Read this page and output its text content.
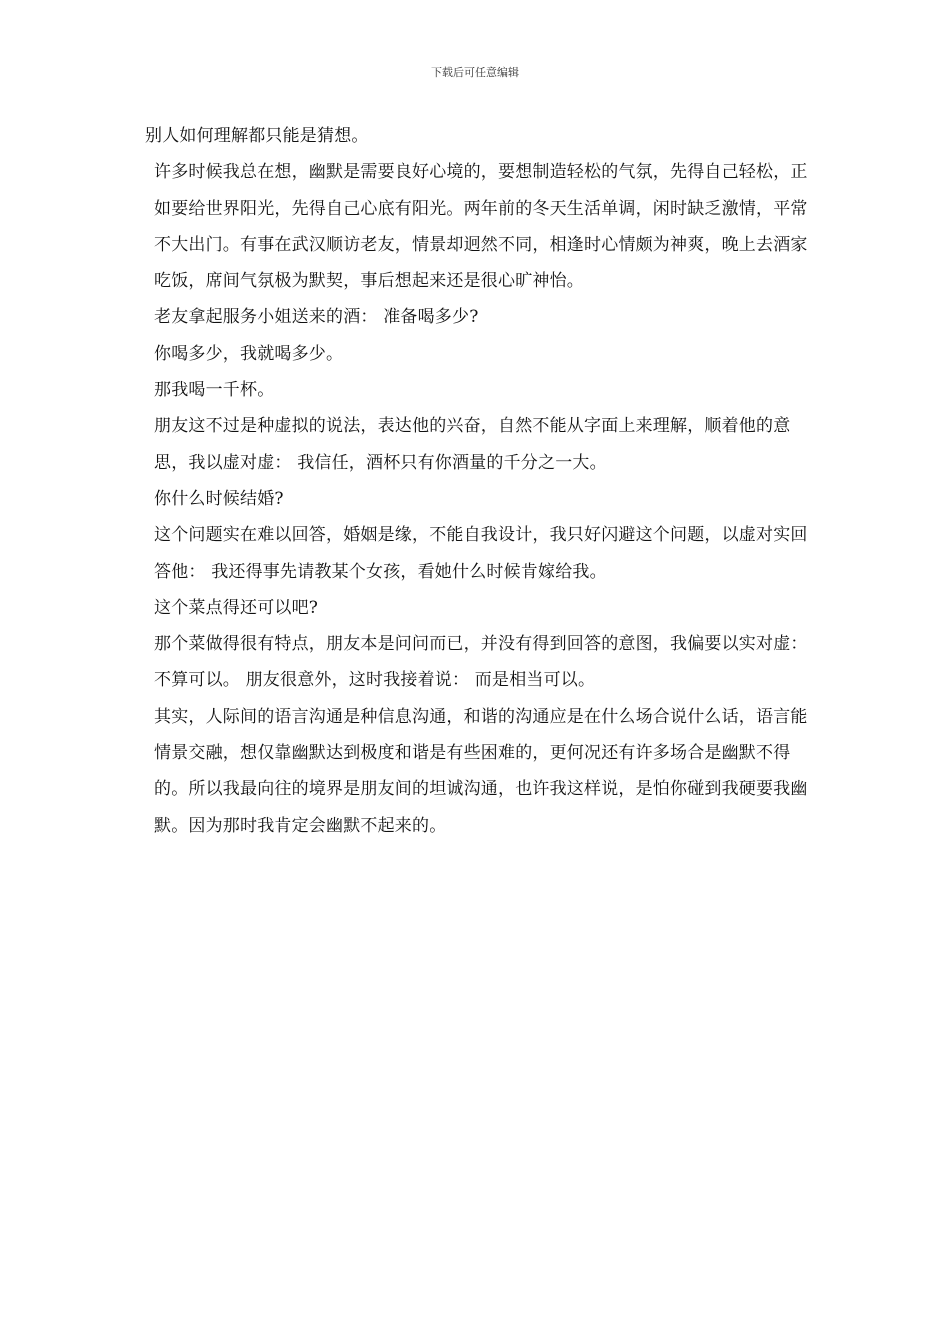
下载后可任意编辑

别人如何理解都只能是猜想。

许多时候我总在想，幽默是需要良好心境的，要想制造轻松的气氛，先得自己轻松，正如要给世界阳光，先得自己心底有阳光。两年前的冬天生活单调，闲时缺乏激情，平常不大出门。有事在武汉顺访老友，情景却迥然不同，相逢时心情颇为神爽，晚上去酒家吃饭，席间气氛极为默契，事后想起来还是很心旷神怡。

老友拿起服务小姐送来的酒： 准备喝多少?

你喝多少，我就喝多少。

那我喝一千杯。

朋友这不过是种虚拟的说法，表达他的兴奋，自然不能从字面上来理解，顺着他的意思，我以虚对虚： 我信任，酒杯只有你酒量的千分之一大。

你什么时候结婚?

这个问题实在难以回答，婚姻是缘，不能自我设计，我只好闪避这个问题，以虚对实回答他： 我还得事先请教某个女孩，看她什么时候肯嫁给我。

这个菜点得还可以吧?

那个菜做得很有特点，朋友本是问问而已，并没有得到回答的意图，我偏要以实对虚： 不算可以。 朋友很意外，这时我接着说： 而是相当可以。

其实，人际间的语言沟通是种信息沟通，和谐的沟通应是在什么场合说什么话，语言能情景交融，想仅靠幽默达到极度和谐是有些困难的，更何况还有许多场合是幽默不得的。所以我最向往的境界是朋友间的坦诚沟通，也许我这样说，是怕你碰到我硬要我幽默。因为那时我肯定会幽默不起来的。
